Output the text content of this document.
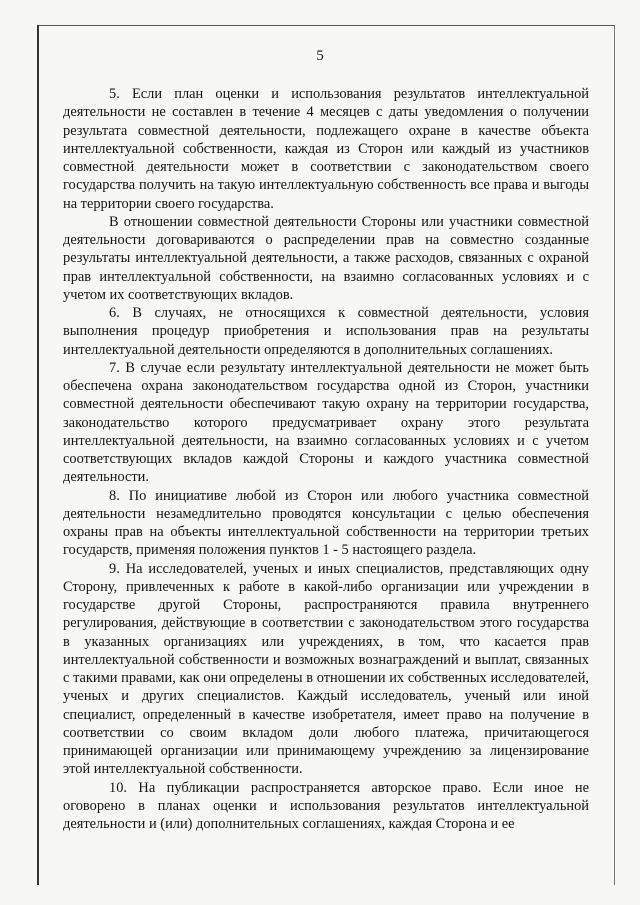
5

5. Если план оценки и использования результатов интеллектуальной деятельности не составлен в течение 4 месяцев с даты уведомления о получении результата совместной деятельности, подлежащего охране в качестве объекта интеллектуальной собственности, каждая из Сторон или каждый из участников совместной деятельности может в соответствии с законодательством своего государства получить на такую интеллектуальную собственность все права и выгоды на территории своего государства.

В отношении совместной деятельности Стороны или участники совместной деятельности договариваются о распределении прав на совместно созданные результаты интеллектуальной деятельности, а также расходов, связанных с охраной прав интеллектуальной собственности, на взаимно согласованных условиях и с учетом их соответствующих вкладов.

6. В случаях, не относящихся к совместной деятельности, условия выполнения процедур приобретения и использования прав на результаты интеллектуальной деятельности определяются в дополнительных соглашениях.

7. В случае если результату интеллектуальной деятельности не может быть обеспечена охрана законодательством государства одной из Сторон, участники совместной деятельности обеспечивают такую охрану на территории государства, законодательство которого предусматривает охрану этого результата интеллектуальной деятельности, на взаимно согласованных условиях и с учетом соответствующих вкладов каждой Стороны и каждого участника совместной деятельности.

8. По инициативе любой из Сторон или любого участника совместной деятельности незамедлительно проводятся консультации с целью обеспечения охраны прав на объекты интеллектуальной собственности на территории третьих государств, применяя положения пунктов 1 - 5 настоящего раздела.

9. На исследователей, ученых и иных специалистов, представляющих одну Сторону, привлеченных к работе в какой-либо организации или учреждении в государстве другой Стороны, распространяются правила внутреннего регулирования, действующие в соответствии с законодательством этого государства в указанных организациях или учреждениях, в том, что касается прав интеллектуальной собственности и возможных вознаграждений и выплат, связанных с такими правами, как они определены в отношении их собственных исследователей, ученых и других специалистов. Каждый исследователь, ученый или иной специалист, определенный в качестве изобретателя, имеет право на получение в соответствии со своим вкладом доли любого платежа, причитающегося принимающей организации или принимающему учреждению за лицензирование этой интеллектуальной собственности.

10. На публикации распространяется авторское право. Если иное не оговорено в планах оценки и использования результатов интеллектуальной деятельности и (или) дополнительных соглашениях, каждая Сторона и ее
